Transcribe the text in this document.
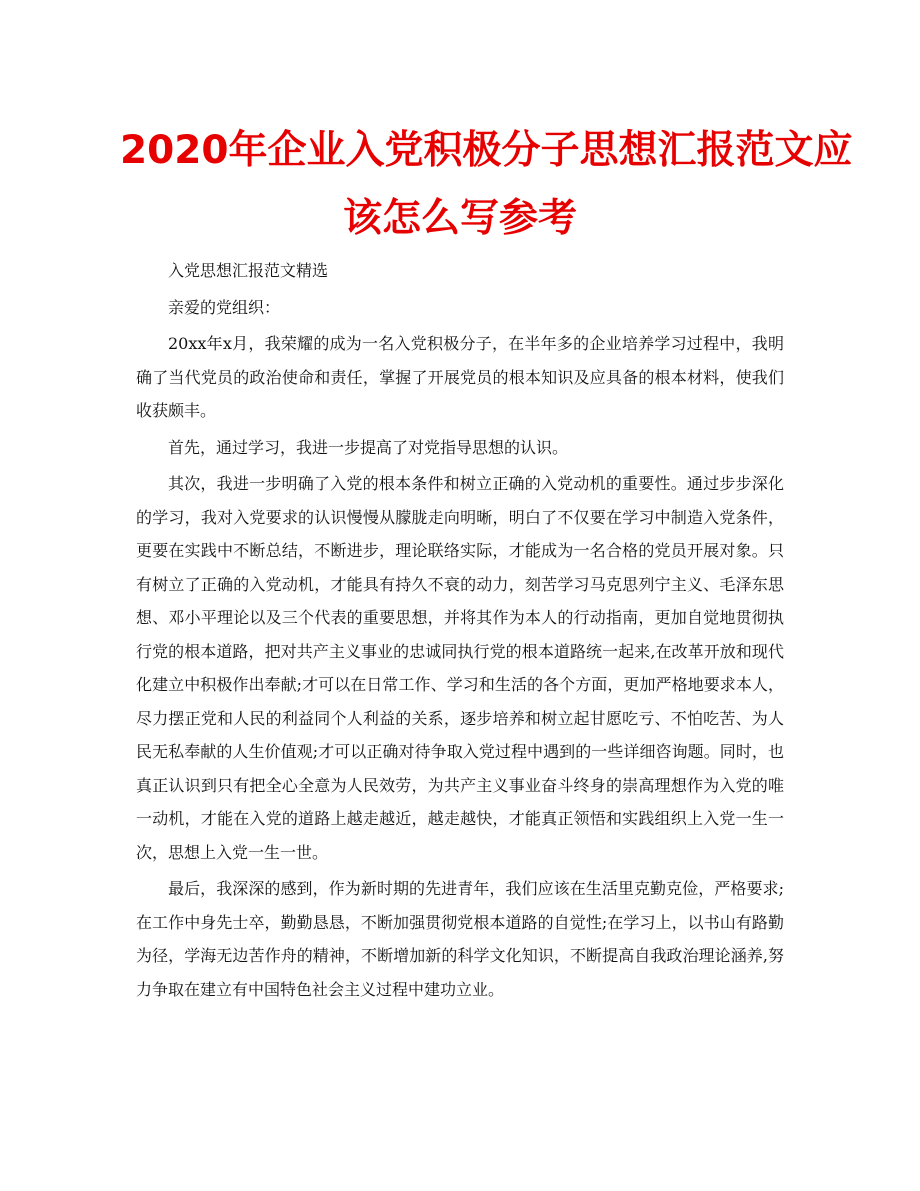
2020年企业入党积极分子思想汇报范文应
该怎么写参考

入党思想汇报范文精选

亲爱的党组织：

20xx年x月，我荣耀的成为一名入党积极分子，在半年多的企业培养学习过程中，我明确了当代党员的政治使命和责任，掌握了开展党员的根本知识及应具备的根本材料，使我们收获颇丰。

首先，通过学习，我进一步提高了对党指导思想的认识。

其次，我进一步明确了入党的根本条件和树立正确的入党动机的重要性。通过步步深化的学习，我对入党要求的认识慢慢从朦胧走向明晰，明白了不仅要在学习中制造入党条件，更要在实践中不断总结，不断进步，理论联络实际，才能成为一名合格的党员开展对象。只有树立了正确的入党动机，才能具有持久不衰的动力，刻苦学习马克思列宁主义、毛泽东思想、邓小平理论以及三个代表的重要思想，并将其作为本人的行动指南，更加自觉地贯彻执行党的根本道路，把对共产主义事业的忠诚同执行党的根本道路统一起来,在改革开放和现代化建立中积极作出奉献;才可以在日常工作、学习和生活的各个方面，更加严格地要求本人，尽力摆正党和人民的利益同个人利益的关系，逐步培养和树立起甘愿吃亏、不怕吃苦、为人民无私奉献的人生价值观;才可以正确对待争取入党过程中遇到的一些详细咨询题。同时，也真正认识到只有把全心全意为人民效劳，为共产主义事业奋斗终身的崇高理想作为入党的唯一动机，才能在入党的道路上越走越近，越走越快，才能真正领悟和实践组织上入党一生一次，思想上入党一生一世。

最后，我深深的感到，作为新时期的先进青年，我们应该在生活里克勤克俭，严格要求;在工作中身先士卒，勤勤恳恳，不断加强贯彻党根本道路的自觉性;在学习上，以书山有路勤为径，学海无边苦作舟的精神，不断增加新的科学文化知识，不断提高自我政治理论涵养,努力争取在建立有中国特色社会主义过程中建功立业。
